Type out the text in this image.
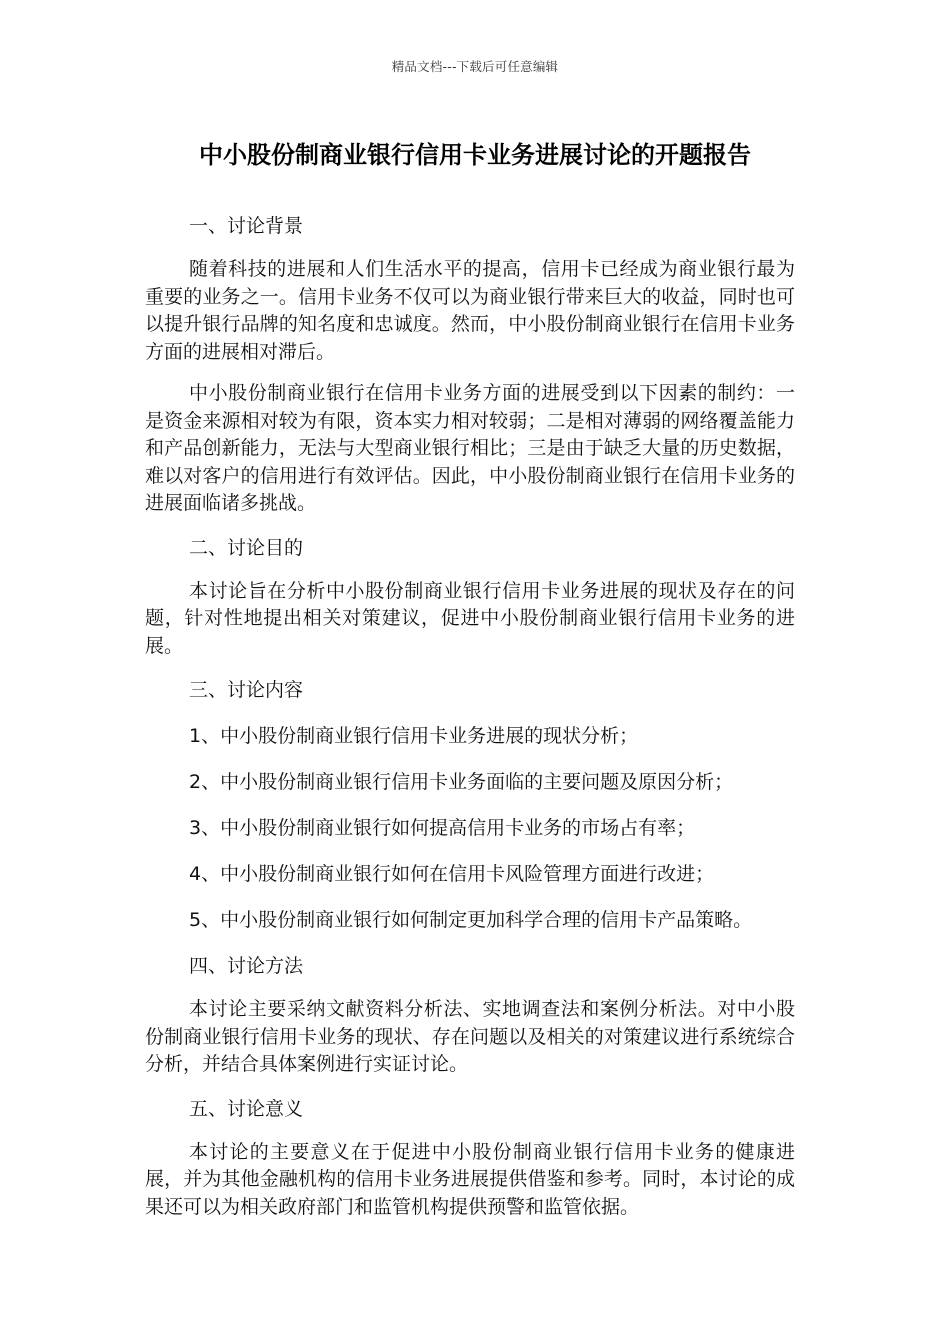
精品文档---下载后可任意编辑
中小股份制商业银行信用卡业务进展讨论的开题报告
一、讨论背景

随着科技的进展和人们生活水平的提高，信用卡已经成为商业银行最为重要的业务之一。信用卡业务不仅可以为商业银行带来巨大的收益，同时也可以提升银行品牌的知名度和忠诚度。然而，中小股份制商业银行在信用卡业务方面的进展相对滞后。

中小股份制商业银行在信用卡业务方面的进展受到以下因素的制约：一是资金来源相对较为有限，资本实力相对较弱；二是相对薄弱的网络覆盖能力和产品创新能力，无法与大型商业银行相比；三是由于缺乏大量的历史数据，难以对客户的信用进行有效评估。因此，中小股份制商业银行在信用卡业务的进展面临诸多挑战。

二、讨论目的

本讨论旨在分析中小股份制商业银行信用卡业务进展的现状及存在的问题，针对性地提出相关对策建议，促进中小股份制商业银行信用卡业务的进展。

三、讨论内容
1、中小股份制商业银行信用卡业务进展的现状分析；
2、中小股份制商业银行信用卡业务面临的主要问题及原因分析；
3、中小股份制商业银行如何提高信用卡业务的市场占有率；
4、中小股份制商业银行如何在信用卡风险管理方面进行改进；
5、中小股份制商业银行如何制定更加科学合理的信用卡产品策略。
四、讨论方法

本讨论主要采纳文献资料分析法、实地调查法和案例分析法。对中小股份制商业银行信用卡业务的现状、存在问题以及相关的对策建议进行系统综合分析，并结合具体案例进行实证讨论。

五、讨论意义

本讨论的主要意义在于促进中小股份制商业银行信用卡业务的健康进展，并为其他金融机构的信用卡业务进展提供借鉴和参考。同时，本讨论的成果还可以为相关政府部门和监管机构提供预警和监管依据。
